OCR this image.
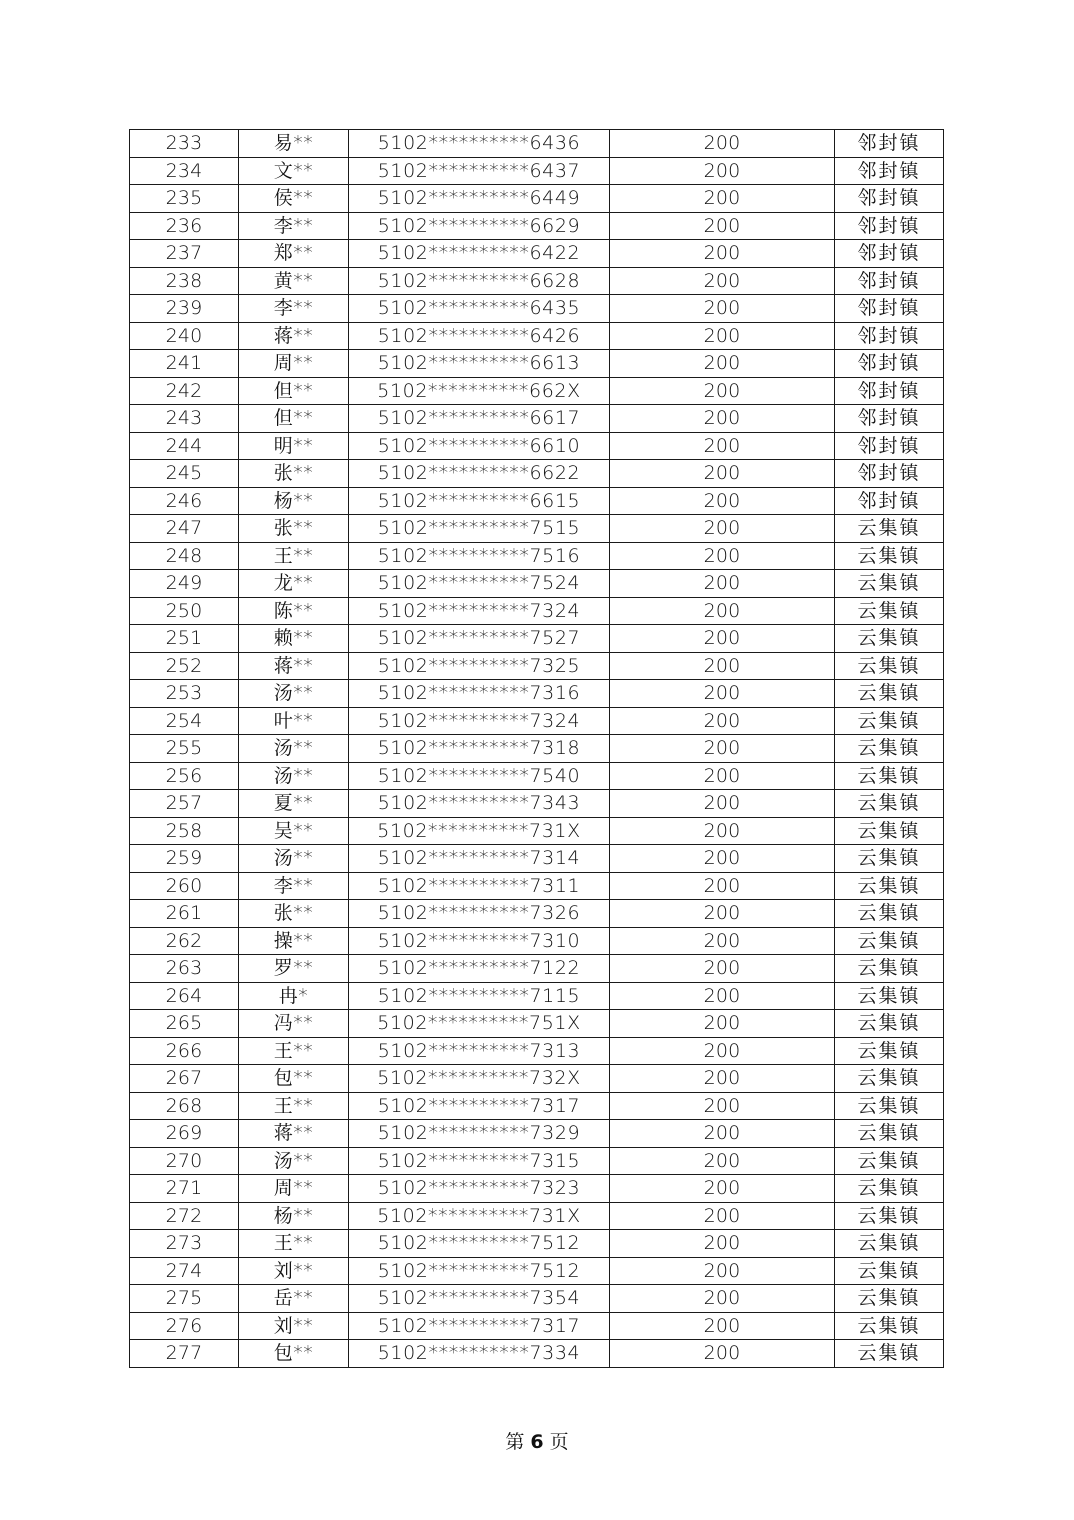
233	易**	5102**********6436	200	邻封镇
234	文**	5102**********6437	200	邻封镇
235	侯**	5102**********6449	200	邻封镇
236	李**	5102**********6629	200	邻封镇
237	郑**	5102**********6422	200	邻封镇
238	黄**	5102**********6628	200	邻封镇
239	李**	5102**********6435	200	邻封镇
240	蒋**	5102**********6426	200	邻封镇
241	周**	5102**********6613	200	邻封镇
242	但**	5102**********662X	200	邻封镇
243	但**	5102**********6617	200	邻封镇
244	明**	5102**********6610	200	邻封镇
245	张**	5102**********6622	200	邻封镇
246	杨**	5102**********6615	200	邻封镇
247	张**	5102**********7515	200	云集镇
248	王**	5102**********7516	200	云集镇
249	龙**	5102**********7524	200	云集镇
250	陈**	5102**********7324	200	云集镇
251	赖**	5102**********7527	200	云集镇
252	蒋**	5102**********7325	200	云集镇
253	汤**	5102**********7316	200	云集镇
254	叶**	5102**********7324	200	云集镇
255	汤**	5102**********7318	200	云集镇
256	汤**	5102**********7540	200	云集镇
257	夏**	5102**********7343	200	云集镇
258	吴**	5102**********731X	200	云集镇
259	汤**	5102**********7314	200	云集镇
260	李**	5102**********7311	200	云集镇
261	张**	5102**********7326	200	云集镇
262	操**	5102**********7310	200	云集镇
263	罗**	5102**********7122	200	云集镇
264	冉*	5102**********7115	200	云集镇
265	冯**	5102**********751X	200	云集镇
266	王**	5102**********7313	200	云集镇
267	包**	5102**********732X	200	云集镇
268	王**	5102**********7317	200	云集镇
269	蒋**	5102**********7329	200	云集镇
270	汤**	5102**********7315	200	云集镇
271	周**	5102**********7323	200	云集镇
272	杨**	5102**********731X	200	云集镇
273	王**	5102**********7512	200	云集镇
274	刘**	5102**********7512	200	云集镇
275	岳**	5102**********7354	200	云集镇
276	刘**	5102**********7317	200	云集镇
277	包**	5102**********7334	200	云集镇
第 6 页
